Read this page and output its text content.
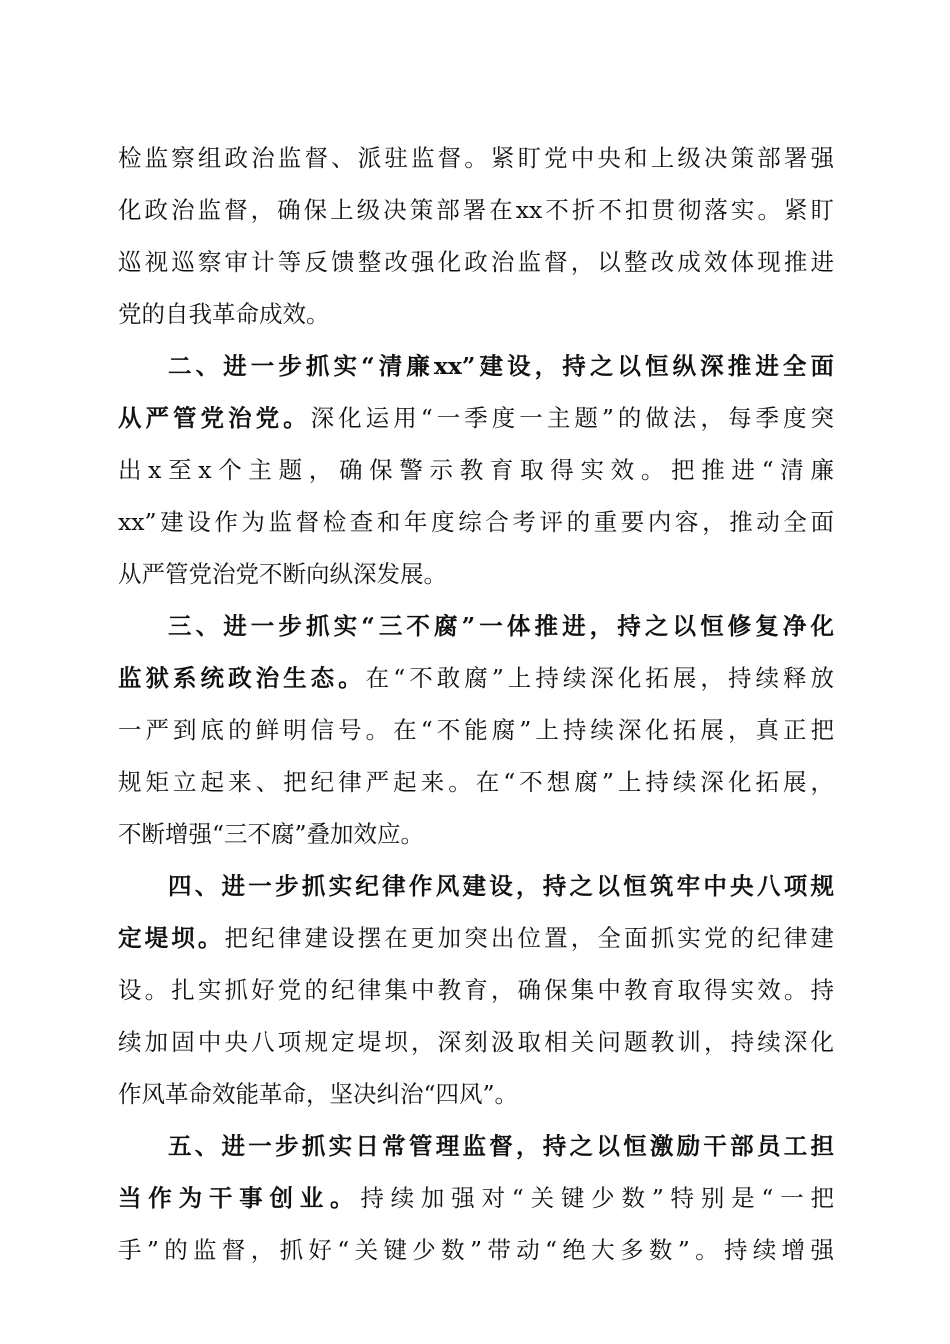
检监察组政治监督、派驻监督。紧盯党中央和上级决策部署强
化政治监督，确保上级决策部署在xx不折不扣贯彻落实。紧盯
巡视巡察审计等反馈整改强化政治监督，以整改成效体现推进
党的自我革命成效。
二、进一步抓实“清廉xx”建设，持之以恒纵深推进全面
从严管党治党。深化运用“一季度一主题”的做法，每季度突
出x至x个主题，确保警示教育取得实效。把推进“清廉
xx”建设作为监督检查和年度综合考评的重要内容，推动全面
从严管党治党不断向纵深发展。
三、进一步抓实“三不腐”一体推进，持之以恒修复净化
监狱系统政治生态。在“不敢腐”上持续深化拓展，持续释放
一严到底的鲜明信号。在“不能腐”上持续深化拓展，真正把
规矩立起来、把纪律严起来。在“不想腐”上持续深化拓展，
不断增强“三不腐”叠加效应。
四、进一步抓实纪律作风建设，持之以恒筑牢中央八项规
定堤坝。把纪律建设摆在更加突出位置，全面抓实党的纪律建
设。扎实抓好党的纪律集中教育，确保集中教育取得实效。持
续加固中央八项规定堤坝，深刻汲取相关问题教训，持续深化
作风革命效能革命，坚决纠治“四风”。
五、进一步抓实日常管理监督，持之以恒激励干部员工担
当作为干事创业。持续加强对“关键少数”特别是“一把
手”的监督，抓好“关键少数”带动“绝大多数”。持续增强
